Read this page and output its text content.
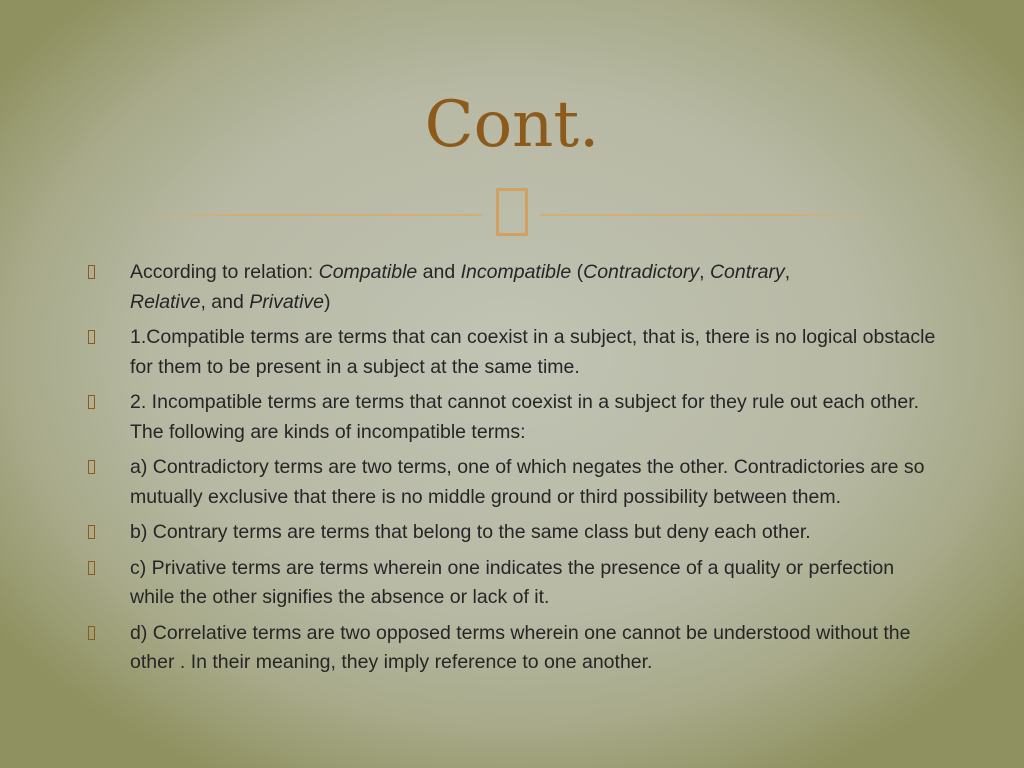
Cont.
According to relation: Compatible and Incompatible (Contradictory, Contrary,
Relative, and Privative)
1.Compatible terms are terms that can coexist in a subject, that is, there is no logical obstacle for them to be present in a subject at the same time.
2. Incompatible terms are terms that cannot coexist in a subject for they rule out each other. The following are kinds of incompatible terms:
a) Contradictory terms are two terms, one of which negates the other. Contradictories are so mutually exclusive that there is no middle ground or third possibility between them.
b) Contrary terms are terms that belong to the same class but deny each other.
c) Privative terms are terms wherein one indicates the presence of a quality or perfection while the other signifies the absence or lack of it.
d) Correlative terms are two opposed terms wherein one cannot be understood without the other . In their meaning, they imply reference to one another.
